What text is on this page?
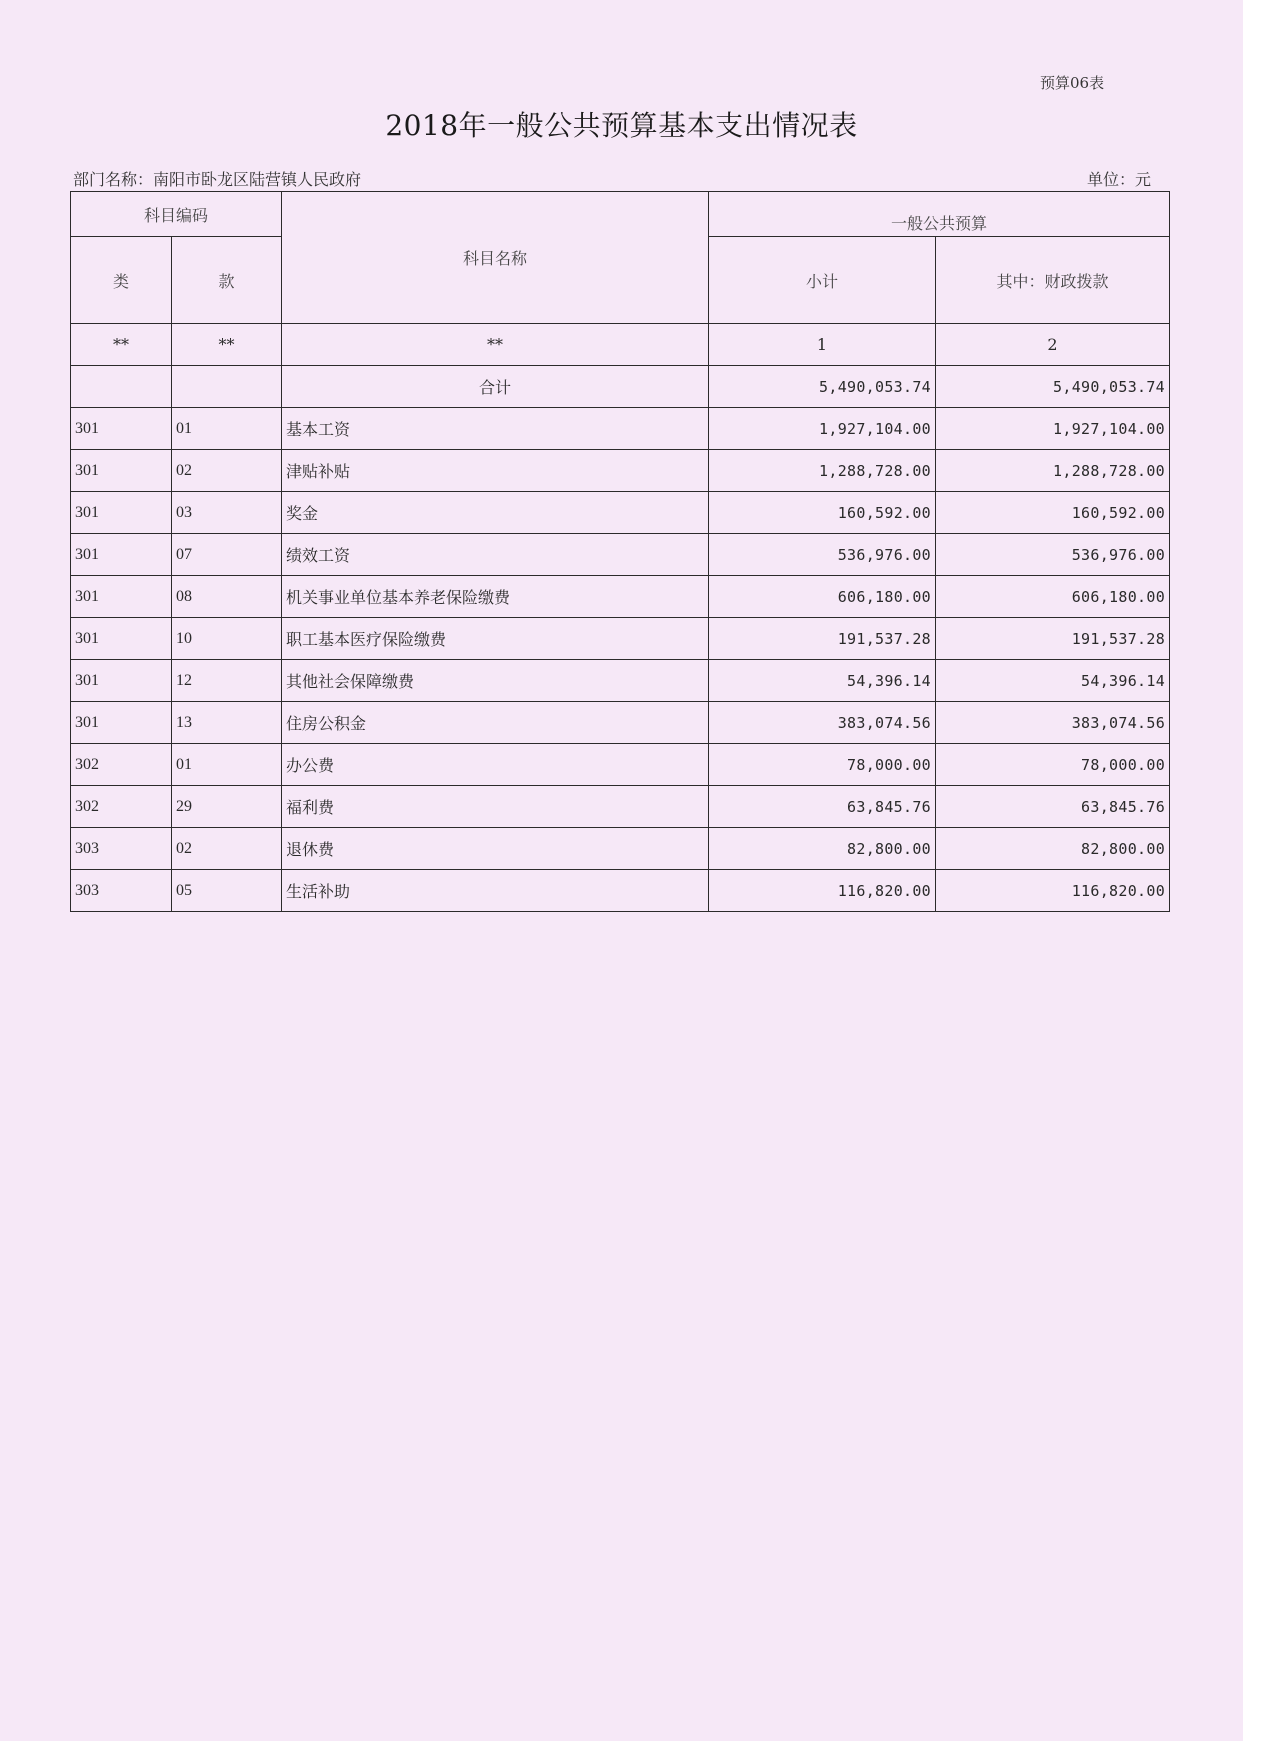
预算06表
2018年一般公共预算基本支出情况表
部门名称：南阳市卧龙区陆营镇人民政府	单位：元
科目编码		科目名称	一般公共预算	
类	款		小计	其中：财政拨款
**	**	**	1	2
		合计	5,490,053.74	5,490,053.74
301	01	基本工资	1,927,104.00	1,927,104.00
301	02	津贴补贴	1,288,728.00	1,288,728.00
301	03	奖金	160,592.00	160,592.00
301	07	绩效工资	536,976.00	536,976.00
301	08	机关事业单位基本养老保险缴费	606,180.00	606,180.00
301	10	职工基本医疗保险缴费	191,537.28	191,537.28
301	12	其他社会保障缴费	54,396.14	54,396.14
301	13	住房公积金	383,074.56	383,074.56
302	01	办公费	78,000.00	78,000.00
302	29	福利费	63,845.76	63,845.76
303	02	退休费	82,800.00	82,800.00
303	05	生活补助	116,820.00	116,820.00
